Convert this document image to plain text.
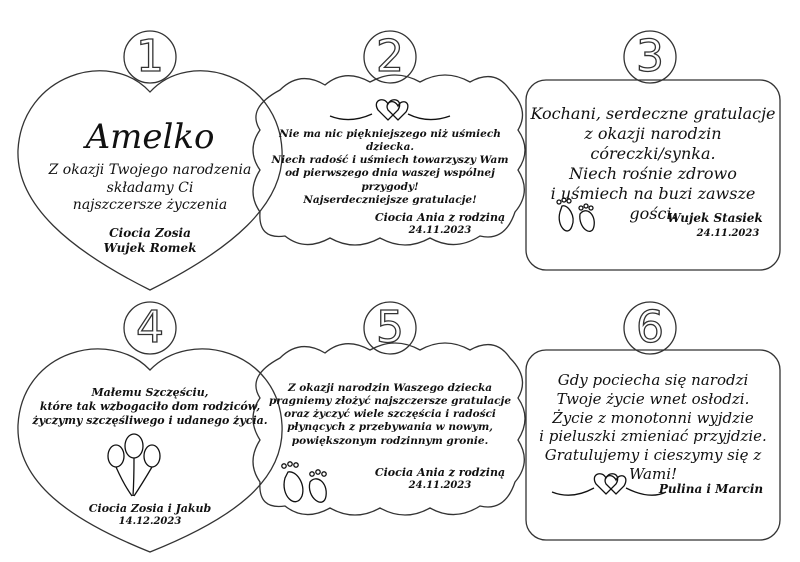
1	2	3
4	5	6
Amelko
Z okazji Twojego narodzenia
składamy Ci
najszczersze życzenia
Ciocia Zosia
Wujek Romek
Nie ma nic piękniejszego niż uśmiech dziecka.
Niech radość i uśmiech towarzyszy Wam
od pierwszego dnia waszej wspólnej przygody!
Najserdeczniejsze gratulacje!
Ciocia Ania z rodziną
24.11.2023
Kochani, serdeczne gratulacje
z okazji narodzin córeczki/synka.
Niech rośnie zdrowo
i uśmiech na buzi zawsze gości.
Wujek Stasiek
24.11.2023
Małemu Szczęściu,
które tak wzbogaciło dom rodziców,
życzymy szczęśliwego i udanego życia.
Ciocia Zosia i Jakub
14.12.2023
Z okazji narodzin Waszego dziecka
pragniemy złożyć najszczersze gratulacje
oraz życzyć wiele szczęścia i radości
płynących z przebywania w nowym,
powiększonym rodzinnym gronie.
Ciocia Ania z rodziną
24.11.2023
Gdy pociecha się narodzi
Twoje życie wnet osłodzi.
Życie z monotonni wyjdzie
i pieluszki zmieniać przyjdzie.
Gratulujemy i cieszymy się z Wami!
Pulina i Marcin
